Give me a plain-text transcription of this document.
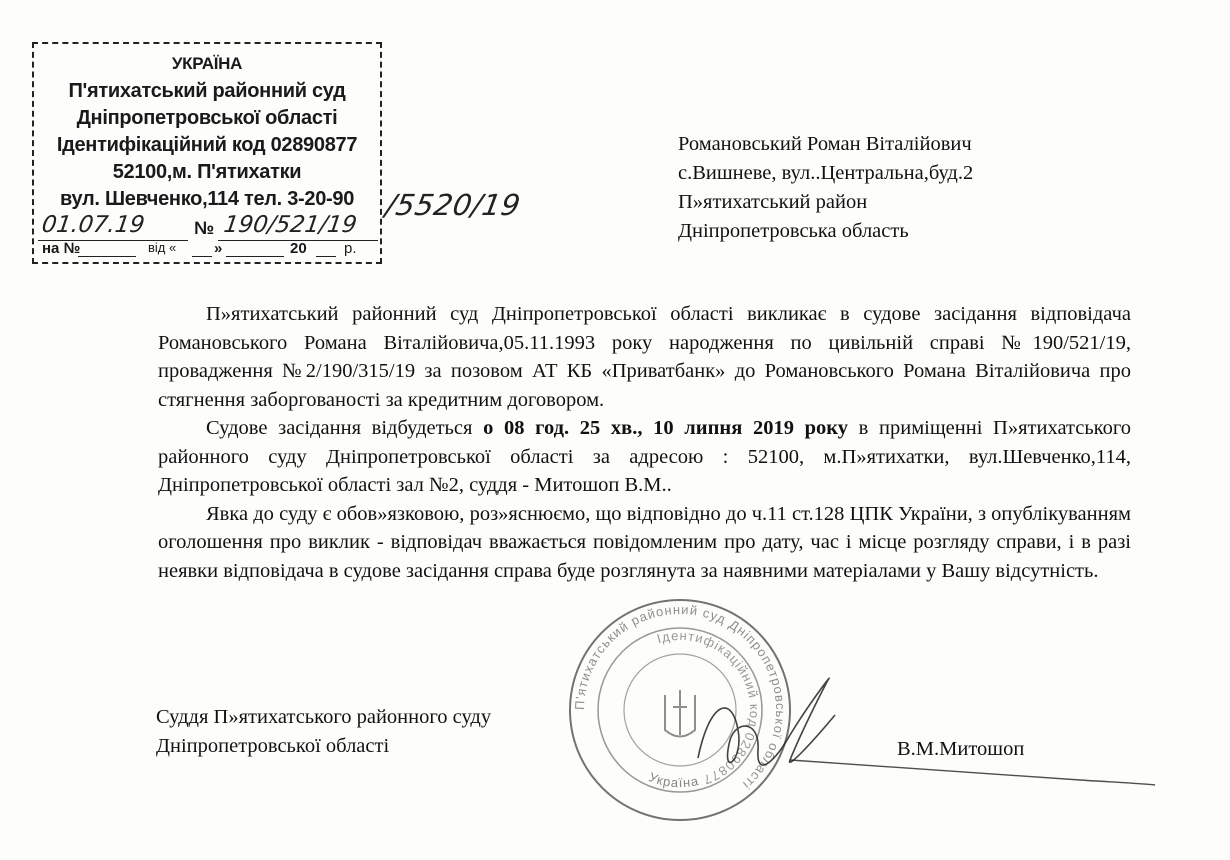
УКРАЇНА
П'ятихатський районний суд
Дніпропетровської області
Ідентифікаційний код 02890877
52100,м. П'ятихатки
вул. Шевченко,114 тел. 3-20-90
01.07.19	№ 190/521/19
на №	від «	»	20 р.
/5520/19
Романовський Роман Віталійович
с.Вишневе, вул..Центральна,буд.2
П»ятихатський район
Дніпропетровська область

П»ятихатський районний суд Дніпропетровської області викликає в судове засідання відповідача Романовського Романа Віталійовича,05.11.1993 року народження по цивільній справі №190/521/19, провадження №2/190/315/19 за позовом АТ КБ «Приватбанк» до Романовського Романа Віталійовича про стягнення заборгованості за кредитним договором.

Судове засідання відбудеться о 08 год. 25 хв., 10 липня 2019 року в приміщенні П»ятихатського районного суду Дніпропетровської області за адресою : 52100, м.П»ятихатки, вул.Шевченко,114, Дніпропетровської області зал №2, суддя - Митошоп В.М..

Явка до суду є обов»язковою, роз»яснюємо, що відповідно до ч.11 ст.128 ЦПК України, з опублікуванням оголошення про виклик - відповідач вважається повідомленим про дату, час і місце розгляду справи, і в разі неявки відповідача в судове засідання справа буде розглянута за наявними матеріалами у Вашу відсутність.

Суддя П»ятихатського районного суду
Дніпропетровської області	В.М.Митошоп
П'ятихатський районний суд Дніпропетровської області
Ідентифікаційний код 02890877
Україна
